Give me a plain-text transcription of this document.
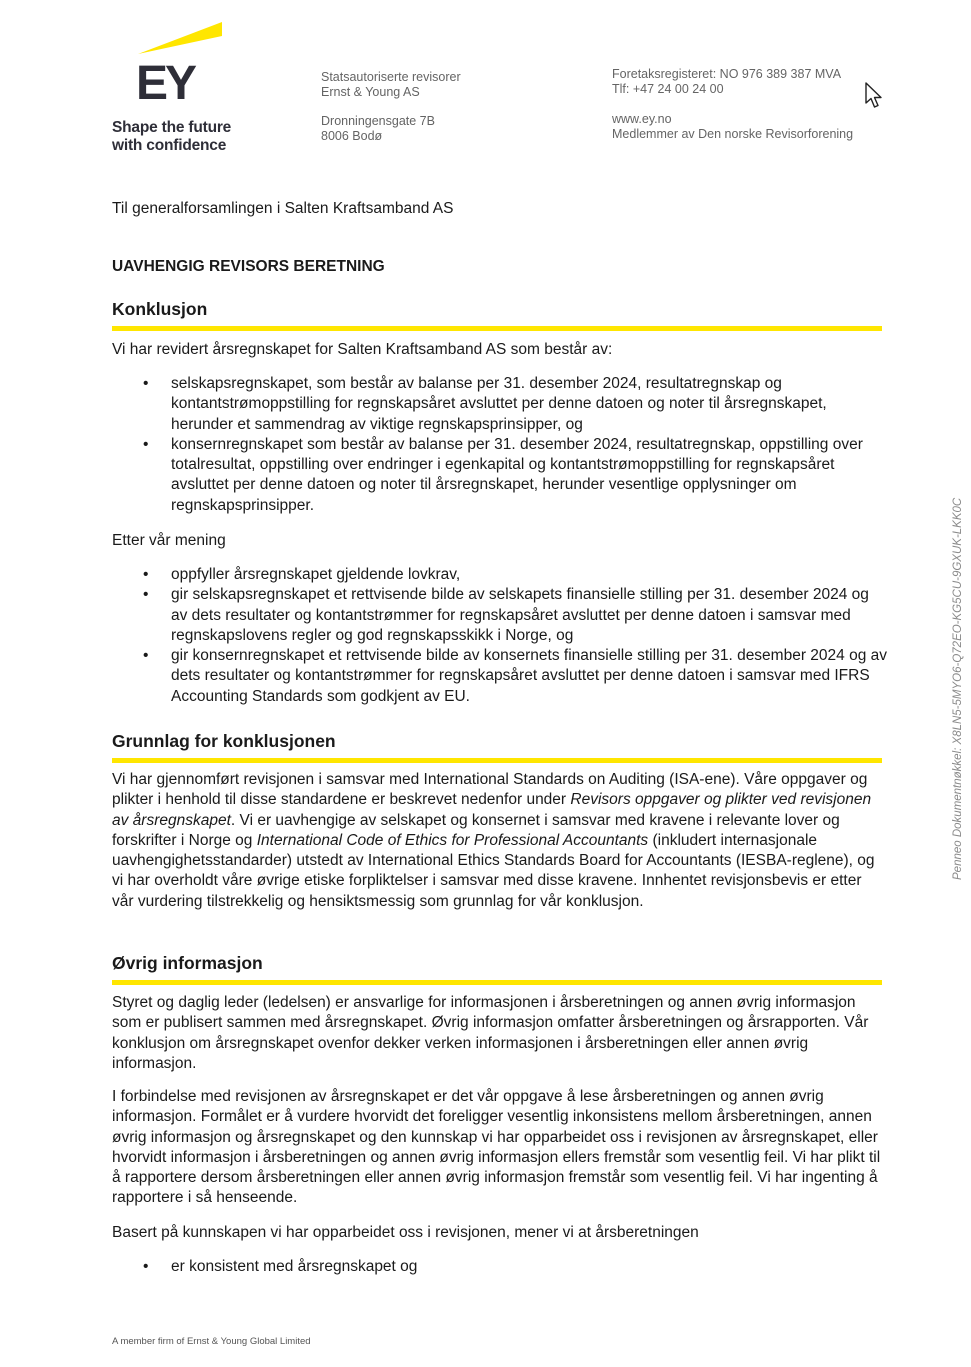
EY
Shape the future
with confidence
Statsautoriserte revisorer
Ernst & Young AS
Dronningensgate 7B
8006 Bodø
Foretaksregisteret: NO 976 389 387 MVA
Tlf: +47 24 00 24 00
www.ey.no
Medlemmer av Den norske Revisorforening
Penneo Dokumentnøkkel: X8LN5-5MYO6-Q72EO-KG5CU-9GXUK-LKK0C
Til generalforsamlingen i Salten Kraftsamband AS
UAVHENGIG REVISORS BERETNING
Konklusjon
Vi har revidert årsregnskapet for Salten Kraftsamband AS som består av:
• selskapsregnskapet, som består av balanse per 31. desember 2024, resultatregnskap og kontantstrømoppstilling for regnskapsåret avsluttet per denne datoen og noter til årsregnskapet, herunder et sammendrag av viktige regnskapsprinsipper, og
• konsernregnskapet som består av balanse per 31. desember 2024, resultatregnskap, oppstilling over totalresultat, oppstilling over endringer i egenkapital og kontantstrømoppstilling for regnskapsåret avsluttet per denne datoen og noter til årsregnskapet, herunder vesentlige opplysninger om regnskapsprinsipper.
Etter vår mening
• oppfyller årsregnskapet gjeldende lovkrav,
• gir selskapsregnskapet et rettvisende bilde av selskapets finansielle stilling per 31. desember 2024 og av dets resultater og kontantstrømmer for regnskapsåret avsluttet per denne datoen i samsvar med regnskapslovens regler og god regnskapsskikk i Norge, og
• gir konsernregnskapet et rettvisende bilde av konsernets finansielle stilling per 31. desember 2024 og av dets resultater og kontantstrømmer for regnskapsåret avsluttet per denne datoen i samsvar med IFRS Accounting Standards som godkjent av EU.
Grunnlag for konklusjonen

Vi har gjennomført revisjonen i samsvar med International Standards on Auditing (ISA-ene). Våre oppgaver og plikter i henhold til disse standardene er beskrevet nedenfor under Revisors oppgaver og plikter ved revisjonen av årsregnskapet. Vi er uavhengige av selskapet og konsernet i samsvar med kravene i relevante lover og forskrifter i Norge og International Code of Ethics for Professional Accountants (inkludert internasjonale uavhengighetsstandarder) utstedt av International Ethics Standards Board for Accountants (IESBA-reglene), og vi har overholdt våre øvrige etiske forpliktelser i samsvar med disse kravene. Innhentet revisjonsbevis er etter vår vurdering tilstrekkelig og hensiktsmessig som grunnlag for vår konklusjon.

Øvrig informasjon

Styret og daglig leder (ledelsen) er ansvarlige for informasjonen i årsberetningen og annen øvrig informasjon som er publisert sammen med årsregnskapet. Øvrig informasjon omfatter årsberetningen og årsrapporten. Vår konklusjon om årsregnskapet ovenfor dekker verken informasjonen i årsberetningen eller annen øvrig informasjon.

I forbindelse med revisjonen av årsregnskapet er det vår oppgave å lese årsberetningen og annen øvrig informasjon. Formålet er å vurdere hvorvidt det foreligger vesentlig inkonsistens mellom årsberetningen, annen øvrig informasjon og årsregnskapet og den kunnskap vi har opparbeidet oss i revisjonen av årsregnskapet, eller hvorvidt informasjon i årsberetningen og annen øvrig informasjon ellers fremstår som vesentlig feil. Vi har plikt til å rapportere dersom årsberetningen eller annen øvrig informasjon fremstår som vesentlig feil. Vi har ingenting å rapportere i så henseende.

Basert på kunnskapen vi har opparbeidet oss i revisjonen, mener vi at årsberetningen

• er konsistent med årsregnskapet og
A member firm of Ernst & Young Global Limited
